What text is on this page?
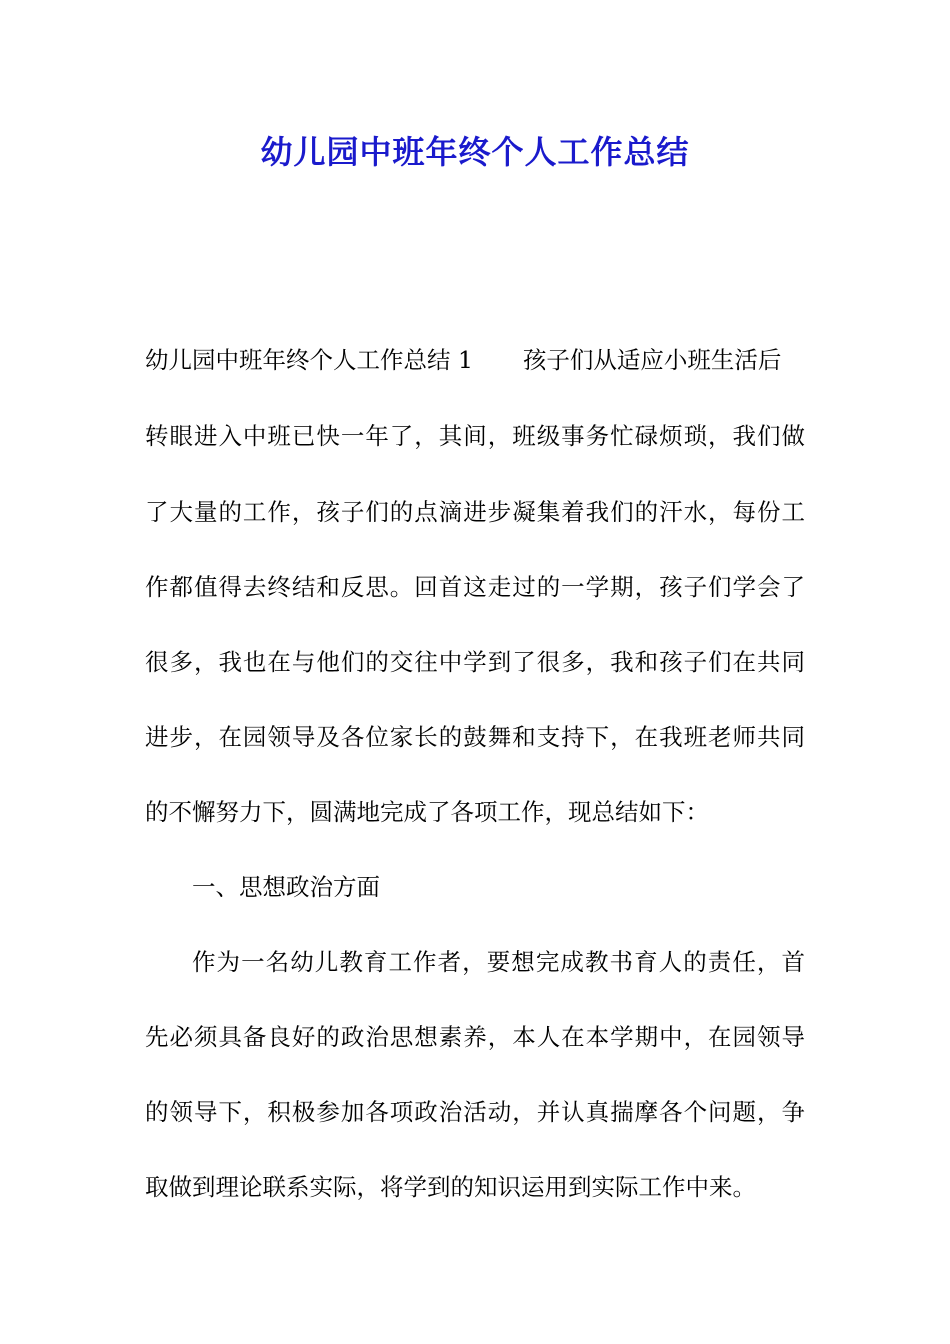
幼儿园中班年终个人工作总结
幼儿园中班年终个人工作总结 1 孩子们从适应小班生活后
转眼进入中班已快一年了，其间，班级事务忙碌烦琐，我们做
了大量的工作，孩子们的点滴进步凝集着我们的汗水，每份工
作都值得去终结和反思。回首这走过的一学期，孩子们学会了
很多，我也在与他们的交往中学到了很多，我和孩子们在共同
进步，在园领导及各位家长的鼓舞和支持下，在我班老师共同
的不懈努力下，圆满地完成了各项工作，现总结如下：
一、思想政治方面
作为一名幼儿教育工作者，要想完成教书育人的责任，首
先必须具备良好的政治思想素养，本人在本学期中，在园领导
的领导下，积极参加各项政治活动，并认真揣摩各个问题，争
取做到理论联系实际，将学到的知识运用到实际工作中来。
